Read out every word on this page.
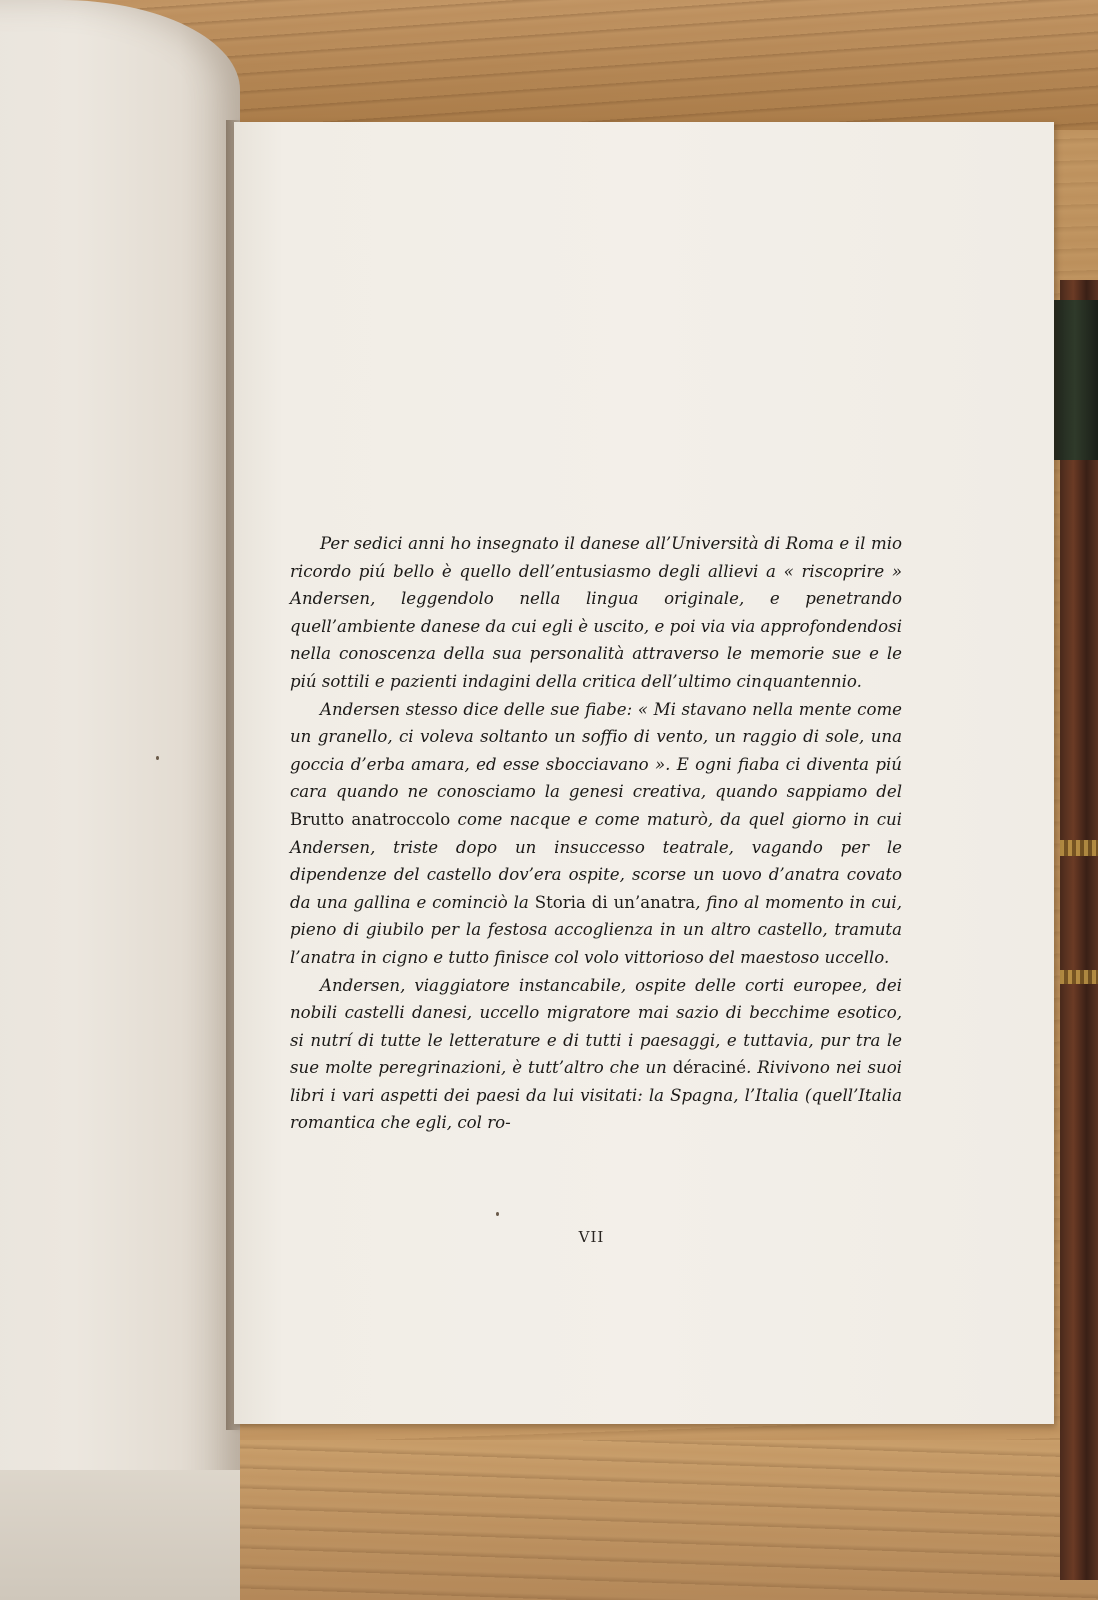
Per sedici anni ho insegnato il danese all’Università di Roma e il mio ricordo piú bello è quello dell’entusiasmo degli allievi a « riscoprire » Andersen, leggendolo nella lingua originale, e penetrando quell’ambiente danese da cui egli è uscito, e poi via via approfondendosi nella conoscenza della sua personalità attraverso le memorie sue e le piú sottili e pazienti indagini della critica dell’ultimo cinquantennio.

Andersen stesso dice delle sue fiabe: « Mi stavano nella mente come un granello, ci voleva soltanto un soffio di vento, un raggio di sole, una goccia d’erba amara, ed esse sbocciavano ». E ogni fiaba ci diventa piú cara quando ne conosciamo la genesi creativa, quando sappiamo del Brutto anatroccolo come nacque e come maturò, da quel giorno in cui Andersen, triste dopo un insuccesso teatrale, vagando per le dipendenze del castello dov’era ospite, scorse un uovo d’anatra covato da una gallina e cominciò la Storia di un’anatra, fino al momento in cui, pieno di giubilo per la festosa accoglienza in un altro castello, tramuta l’anatra in cigno e tutto finisce col volo vittorioso del maestoso uccello.

Andersen, viaggiatore instancabile, ospite delle corti europee, dei nobili castelli danesi, uccello migratore mai sazio di becchime esotico, si nutrí di tutte le letterature e di tutti i paesaggi, e tuttavia, pur tra le sue molte peregrinazioni, è tutt’altro che un déraciné. Rivivono nei suoi libri i vari aspetti dei paesi da lui visitati: la Spagna, l’Italia (quell’Italia romantica che egli, col ro-

VII
